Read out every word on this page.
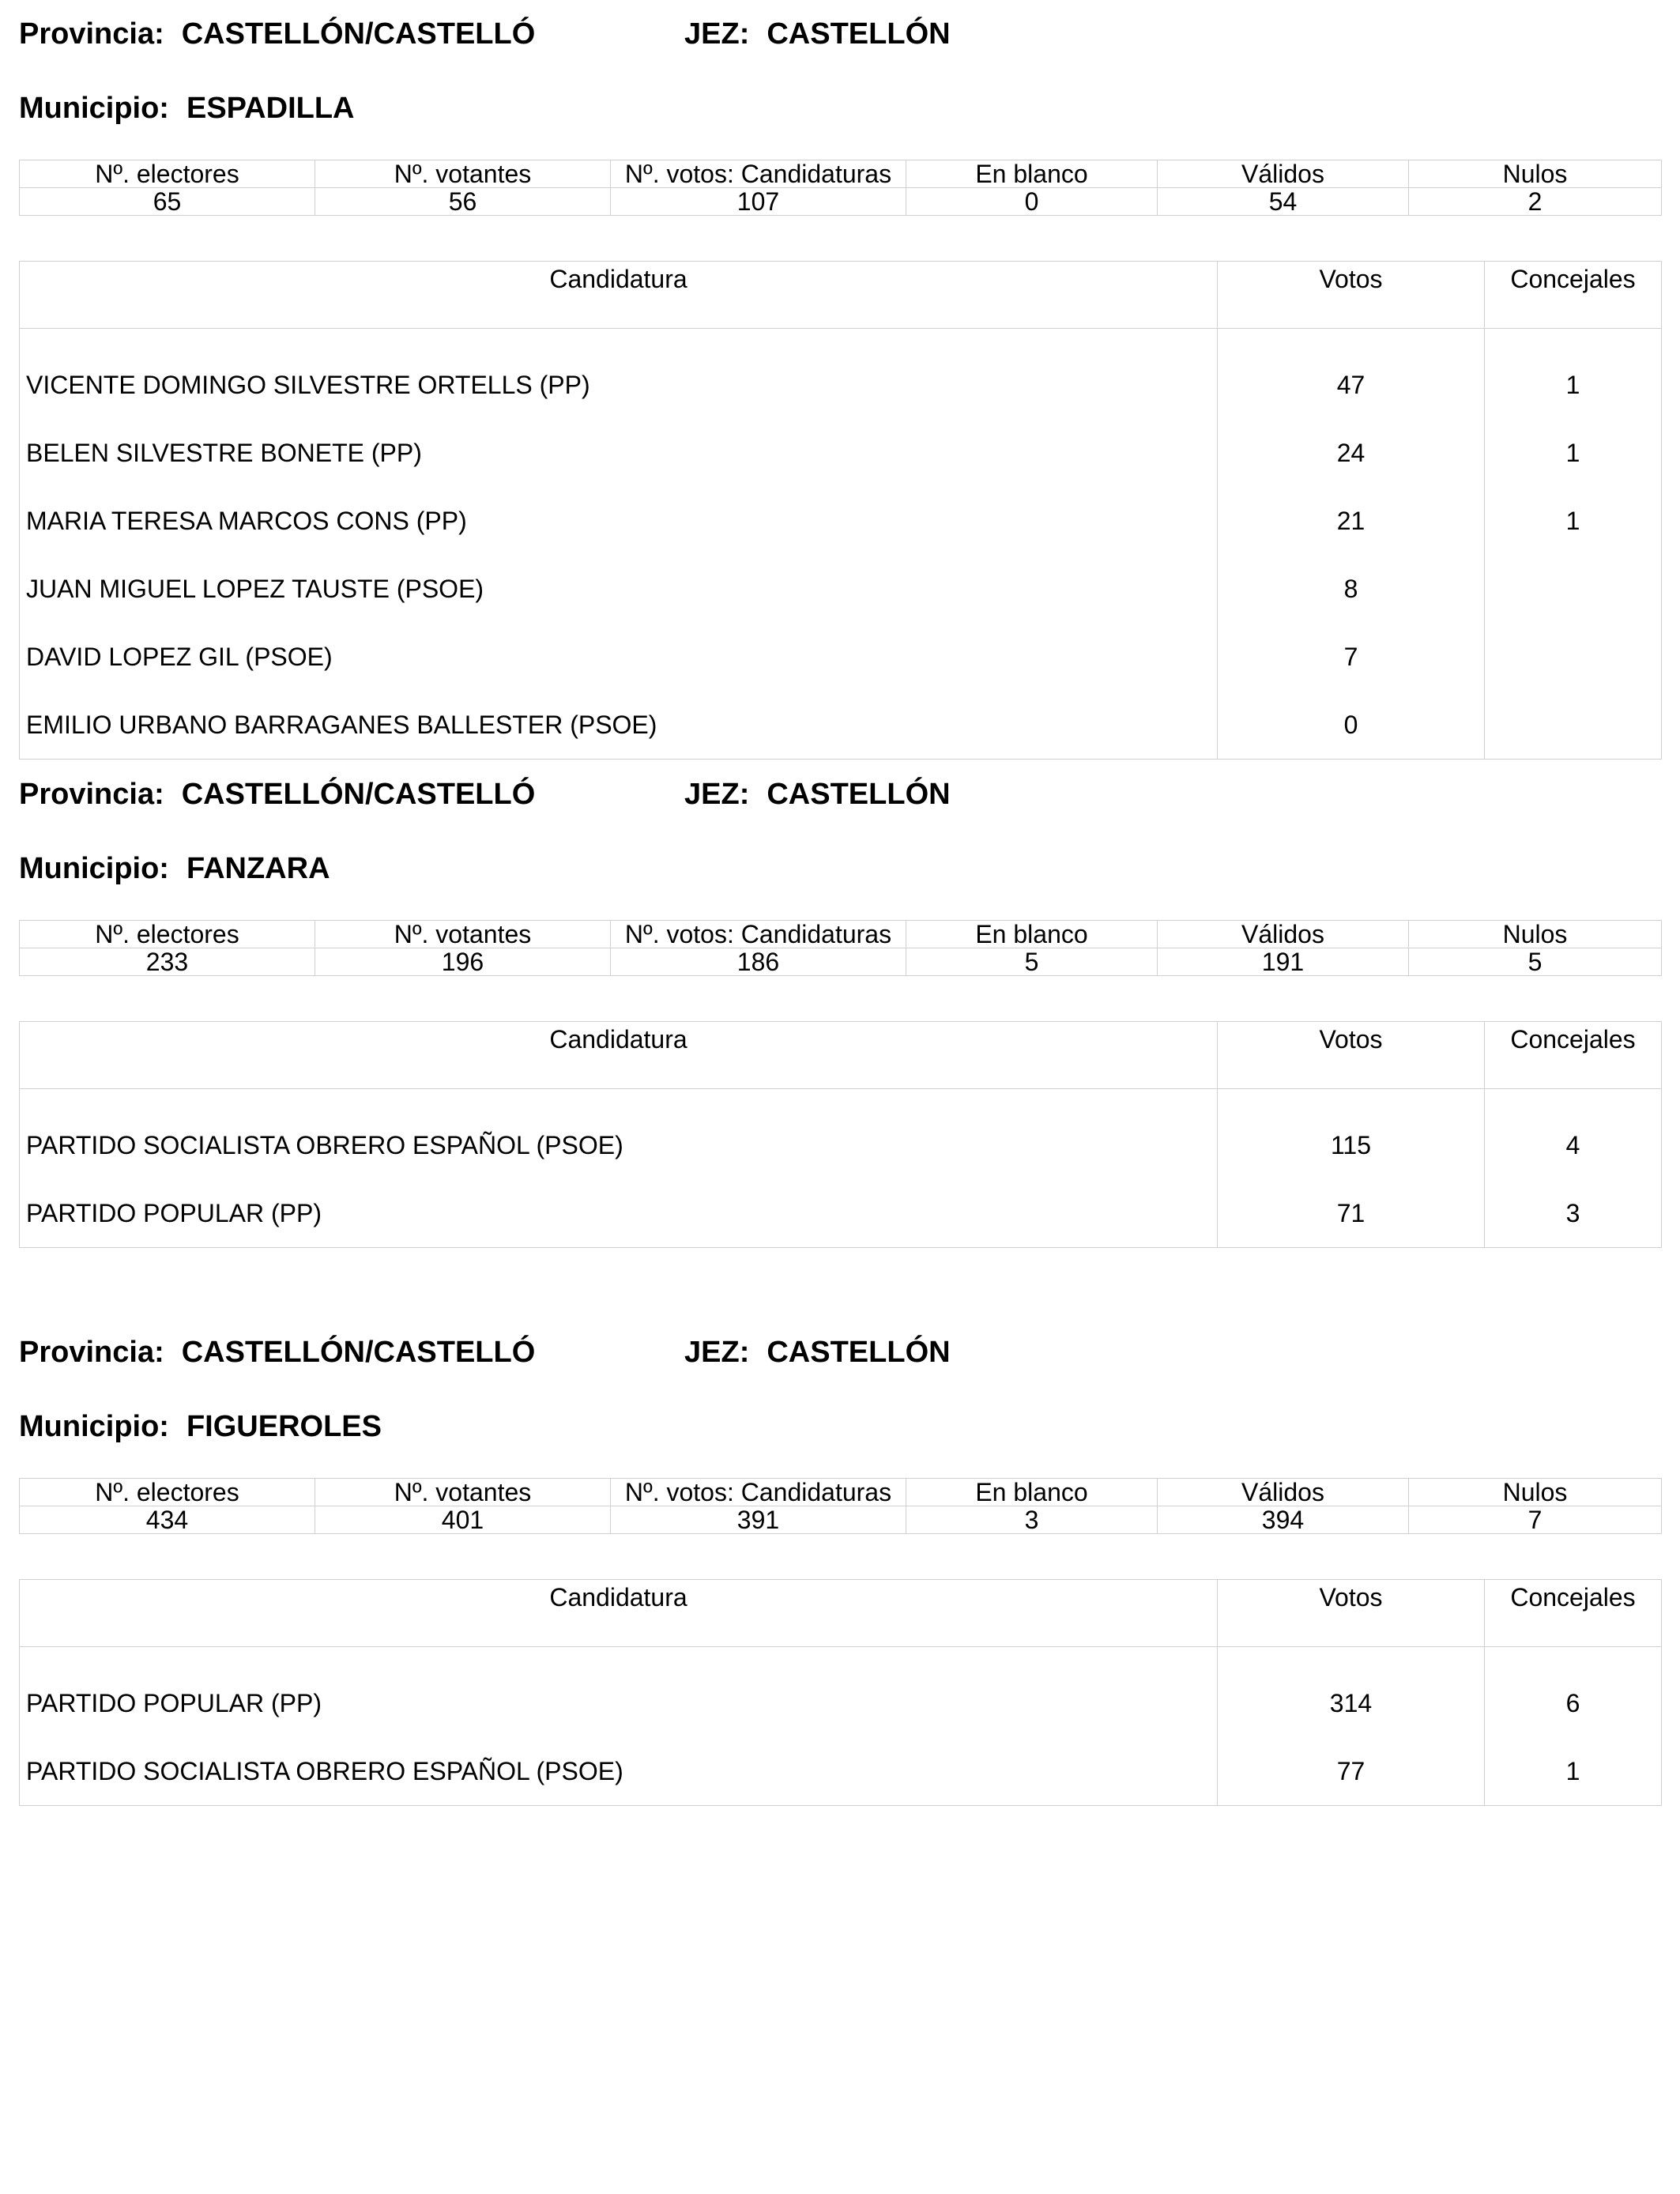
Provincia: CASTELLÓN/CASTELLÓ	JEZ: CASTELLÓN
Municipio: ESPADILLA
Nº. electores	Nº. votantes	Nº. votos: Candidaturas	En blanco	Válidos	Nulos
65	56	107	0	54	2
Candidatura	Votos	Concejales
VICENTE DOMINGO SILVESTRE ORTELLS (PP)	47	1
BELEN SILVESTRE BONETE (PP)	24	1
MARIA TERESA MARCOS CONS (PP)	21	1
JUAN MIGUEL LOPEZ TAUSTE (PSOE)	8	
DAVID LOPEZ GIL (PSOE)	7	
EMILIO URBANO BARRAGANES BALLESTER (PSOE)	0	
Provincia: CASTELLÓN/CASTELLÓ	JEZ: CASTELLÓN
Municipio: FANZARA
Nº. electores	Nº. votantes	Nº. votos: Candidaturas	En blanco	Válidos	Nulos
233	196	186	5	191	5
Candidatura	Votos	Concejales
PARTIDO SOCIALISTA OBRERO ESPAÑOL (PSOE)	115	4
PARTIDO POPULAR (PP)	71	3
Provincia: CASTELLÓN/CASTELLÓ	JEZ: CASTELLÓN
Municipio: FIGUEROLES
Nº. electores	Nº. votantes	Nº. votos: Candidaturas	En blanco	Válidos	Nulos
434	401	391	3	394	7
Candidatura	Votos	Concejales
PARTIDO POPULAR (PP)	314	6
PARTIDO SOCIALISTA OBRERO ESPAÑOL (PSOE)	77	1
